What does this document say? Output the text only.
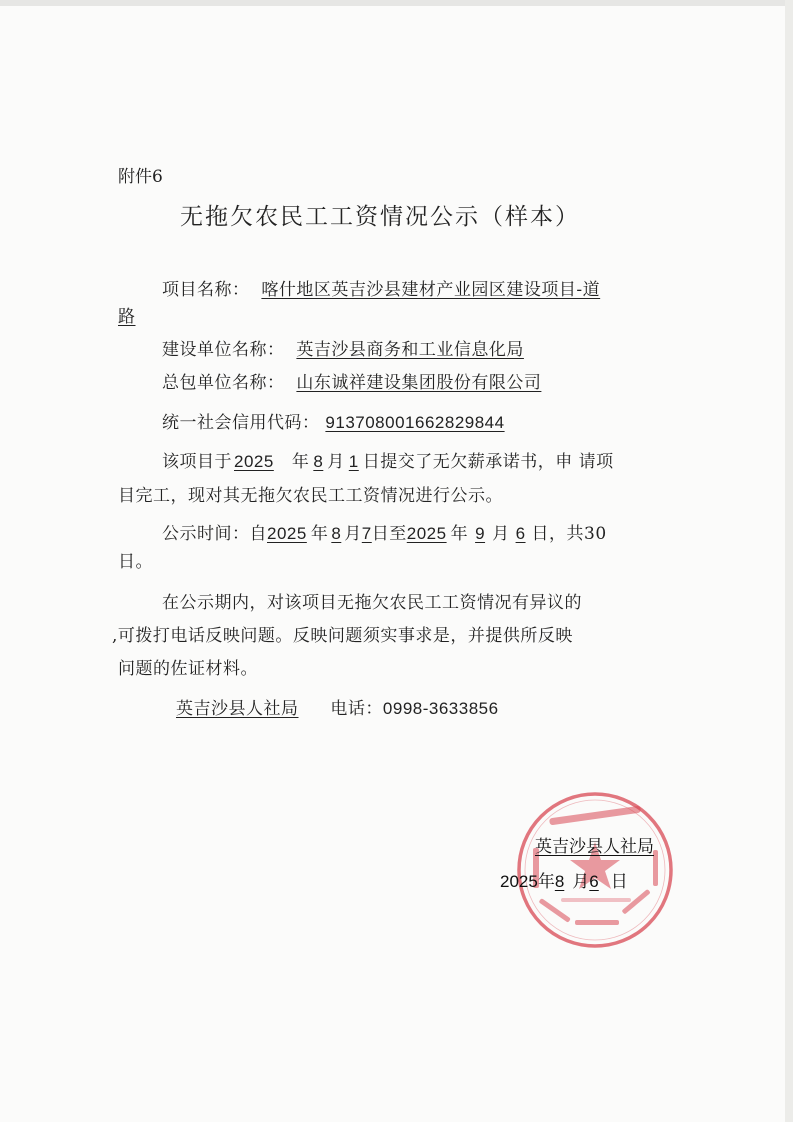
附件6
无拖欠农民工工资情况公示（样本）
项目名称： 喀什地区英吉沙县建材产业园区建设项目-道
路
建设单位名称： 英吉沙县商务和工业信息化局
总包单位名称： 山东诚祥建设集团股份有限公司
统一社会信用代码： 913708001662829844
该项目于 2025 年 8 月 1 日提交了无欠薪承诺书，申 请项
目完工，现对其无拖欠农民工工资情况进行公示。
公示时间：自2025 年 8 月7日至2025 年 9 月 6 日，共30
日。
在公示期内，对该项目无拖欠农民工工资情况有异议的
,可拨打电话反映问题。反映问题须实事求是，并提供所反映
问题的佐证材料。
英吉沙县人社局 电话：0998-3633856
英吉沙县人社局
2025年8 月6 日
